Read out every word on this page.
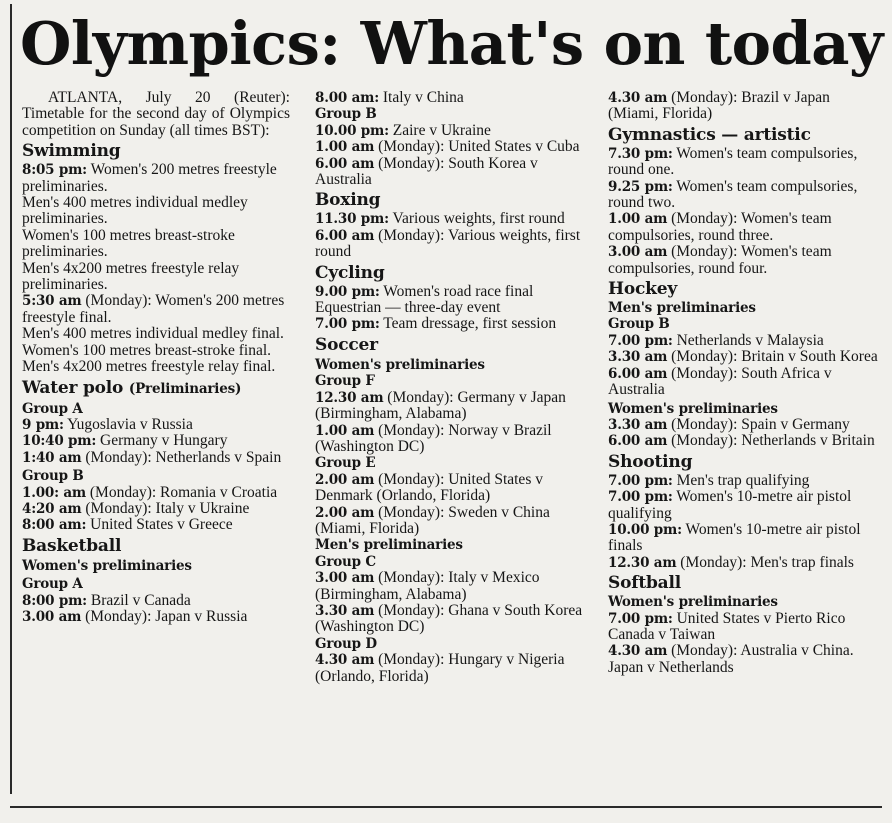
Olympics: What's on today

ATLANTA, July 20 (Reuter): Timetable for the second day of Olympics competition on Sunday (all times BST):

Swimming

8:05 pm: Women's 200 metres freestyle preliminaries.

Men's 400 metres individual medley preliminaries.

Women's 100 metres breast-stroke preliminaries.

Men's 4x200 metres freestyle relay preliminaries.

5:30 am (Monday): Women's 200 metres freestyle final.

Men's 400 metres individual medley final.

Women's 100 metres breast-stroke final.

Men's 4x200 metres freestyle relay final.

Water polo (Preliminaries)
Group A

9 pm: Yugoslavia v Russia

10:40 pm: Germany v Hungary

1:40 am (Monday): Netherlands v Spain

Group B

1.00: am (Monday): Romania v Croatia

4:20 am (Monday): Italy v Ukraine

8:00 am: United States v Greece

Basketball
Women's preliminaries
Group A

8:00 pm: Brazil v Canada

3.00 am (Monday): Japan v Russia

8.00 am: Italy v China

Group B

10.00 pm: Zaire v Ukraine

1.00 am (Monday): United States v Cuba

6.00 am (Monday): South Korea v Australia

Boxing

11.30 pm: Various weights, first round

6.00 am (Monday): Various weights, first round

Cycling

9.00 pm: Women's road race final

Equestrian — three-day event

7.00 pm: Team dressage, first session

Soccer
Women's preliminaries
Group F

12.30 am (Monday): Germany v Japan (Birmingham, Alabama)

1.00 am (Monday): Norway v Brazil (Washington DC)

Group E

2.00 am (Monday): United States v Denmark (Orlando, Florida)

2.00 am (Monday): Sweden v China (Miami, Florida)

Men's preliminaries
Group C

3.00 am (Monday): Italy v Mexico (Birmingham, Alabama)

3.30 am (Monday): Ghana v South Korea (Washington DC)

Group D

4.30 am (Monday): Hungary v Nigeria (Orlando, Florida)

4.30 am (Monday): Brazil v Japan (Miami, Florida)

Gymnastics — artistic

7.30 pm: Women's team compulsories, round one.

9.25 pm: Women's team compulsories, round two.

1.00 am (Monday): Women's team compulsories, round three.

3.00 am (Monday): Women's team compulsories, round four.

Hockey
Men's preliminaries
Group B

7.00 pm: Netherlands v Malaysia

3.30 am (Monday): Britain v South Korea

6.00 am (Monday): South Africa v Australia

Women's preliminaries

3.30 am (Monday): Spain v Germany

6.00 am (Monday): Netherlands v Britain

Shooting

7.00 pm: Men's trap qualifying

7.00 pm: Women's 10-metre air pistol qualifying

10.00 pm: Women's 10-metre air pistol finals

12.30 am (Monday): Men's trap finals

Softball
Women's preliminaries

7.00 pm: United States v Pierto Rico

Canada v Taiwan

4.30 am (Monday): Australia v China. Japan v Netherlands
